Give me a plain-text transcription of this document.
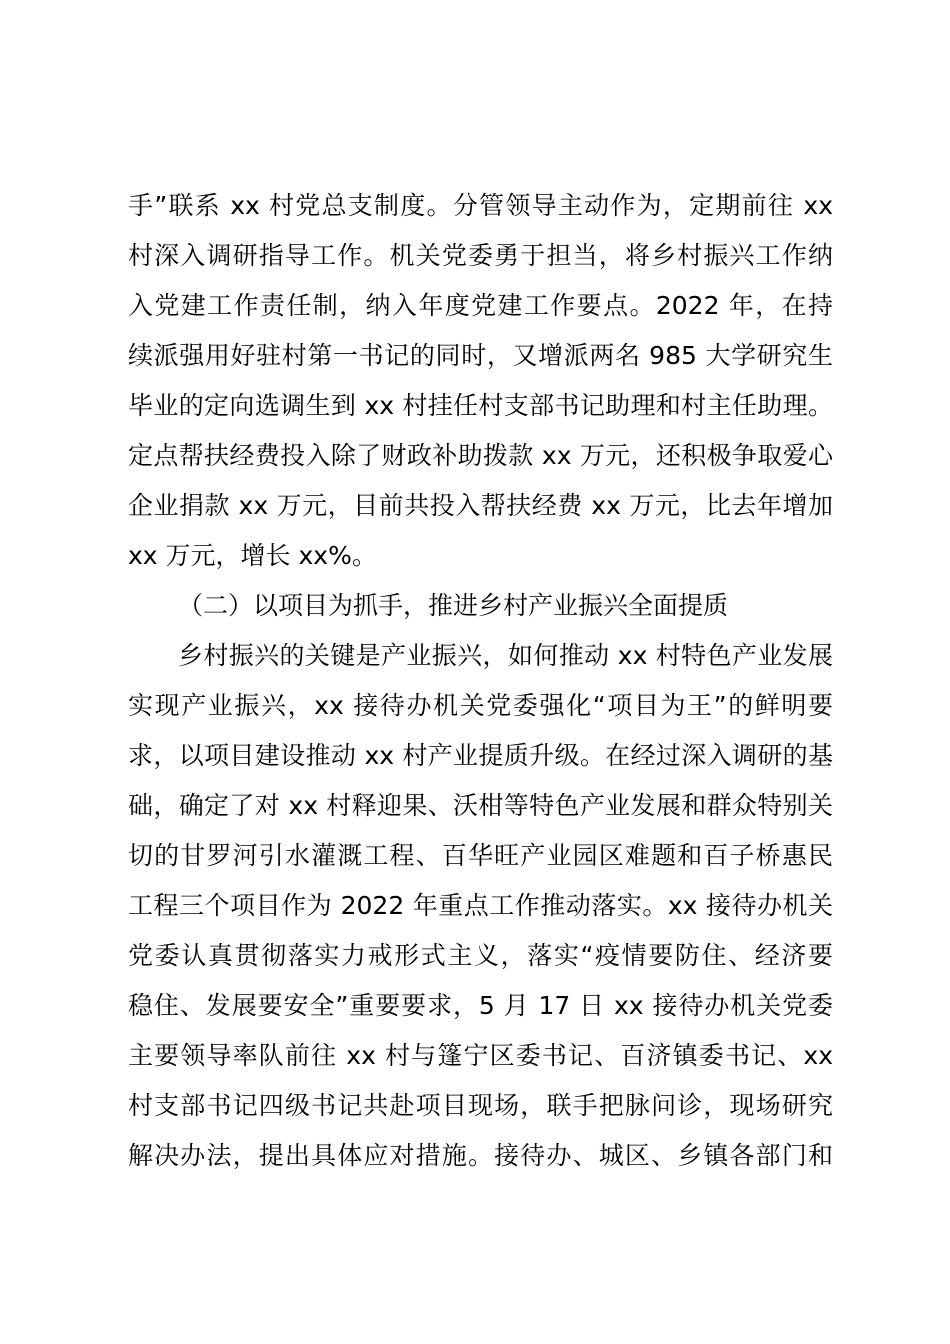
手”联系 xx 村党总支制度。分管领导主动作为，定期前往 xx
村深入调研指导工作。机关党委勇于担当，将乡村振兴工作纳
入党建工作责任制，纳入年度党建工作要点。2022 年，在持
续派强用好驻村第一书记的同时，又增派两名 985 大学研究生
毕业的定向选调生到 xx 村挂任村支部书记助理和村主任助理。
定点帮扶经费投入除了财政补助拨款 xx 万元，还积极争取爱心
企业捐款 xx 万元，目前共投入帮扶经费 xx 万元，比去年增加
xx 万元，增长 xx%。
（二）以项目为抓手，推进乡村产业振兴全面提质
乡村振兴的关键是产业振兴，如何推动 xx 村特色产业发展
实现产业振兴，xx 接待办机关党委强化“项目为王”的鲜明要
求，以项目建设推动 xx 村产业提质升级。在经过深入调研的基
础，确定了对 xx 村释迎果、沃柑等特色产业发展和群众特别关
切的甘罗河引水灌溉工程、百华旺产业园区难题和百子桥惠民
工程三个项目作为 2022 年重点工作推动落实。xx 接待办机关
党委认真贯彻落实力戒形式主义，落实“疫情要防住、经济要
稳住、发展要安全”重要要求，5 月 17 日 xx 接待办机关党委
主要领导率队前往 xx 村与篷宁区委书记、百济镇委书记、xx
村支部书记四级书记共赴项目现场，联手把脉问诊，现场研究
解决办法，提出具体应对措施。接待办、城区、乡镇各部门和
